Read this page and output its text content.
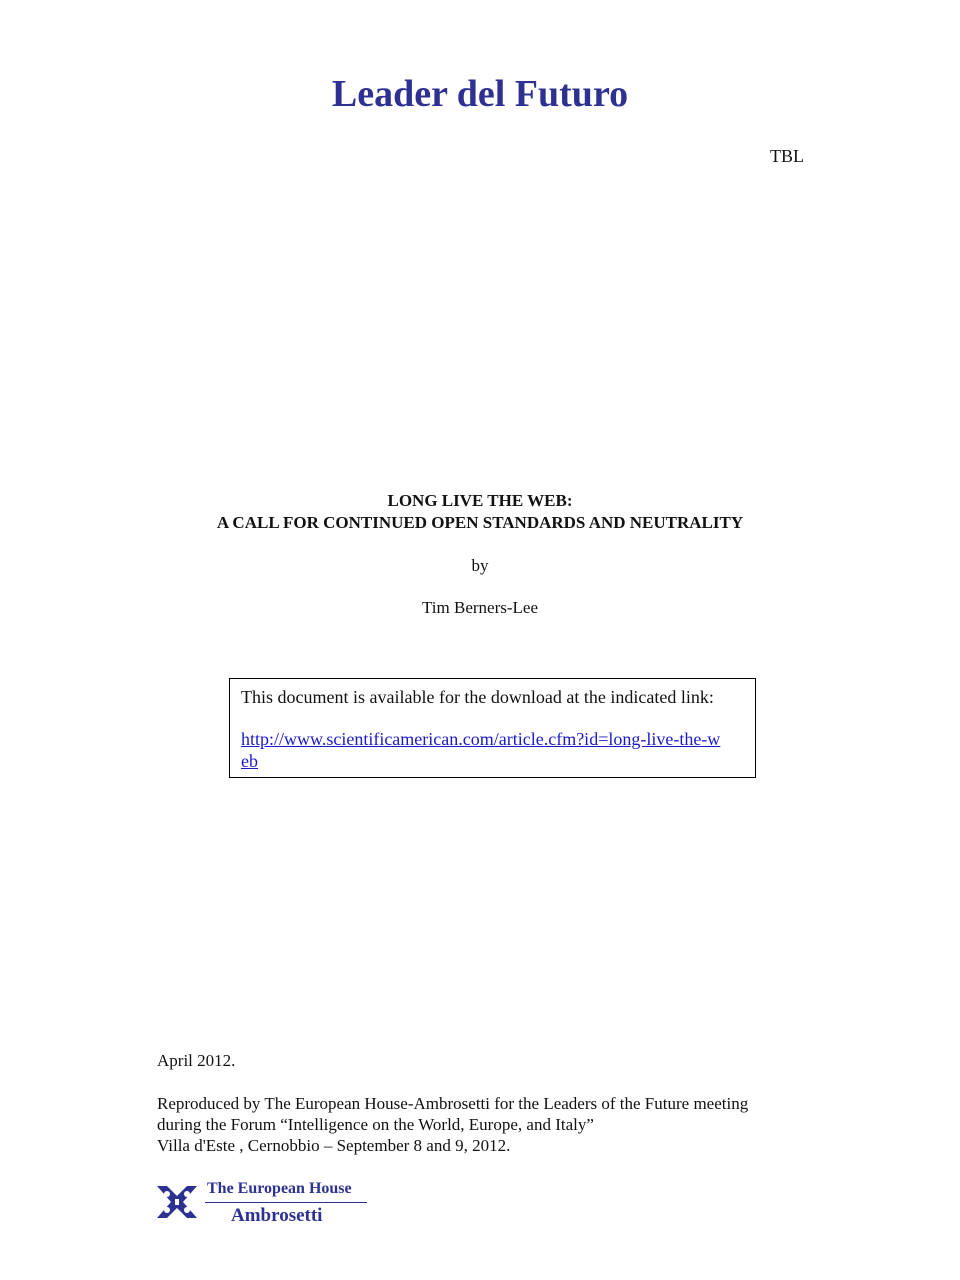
Leader del Futuro
TBL
LONG LIVE THE WEB:
A CALL FOR CONTINUED OPEN STANDARDS AND NEUTRALITY
by
Tim Berners-Lee
This document is available for the download at the indicated link:
http://www.scientificamerican.com/article.cfm?id=long-live-the-web

April 2012.

Reproduced by The European House-Ambrosetti for the Leaders of the Future meeting

during the Forum “Intelligence on the World, Europe, and Italy”

Villa d'Este , Cernobbio – September 8 and 9, 2012.

The European House
Ambrosetti
